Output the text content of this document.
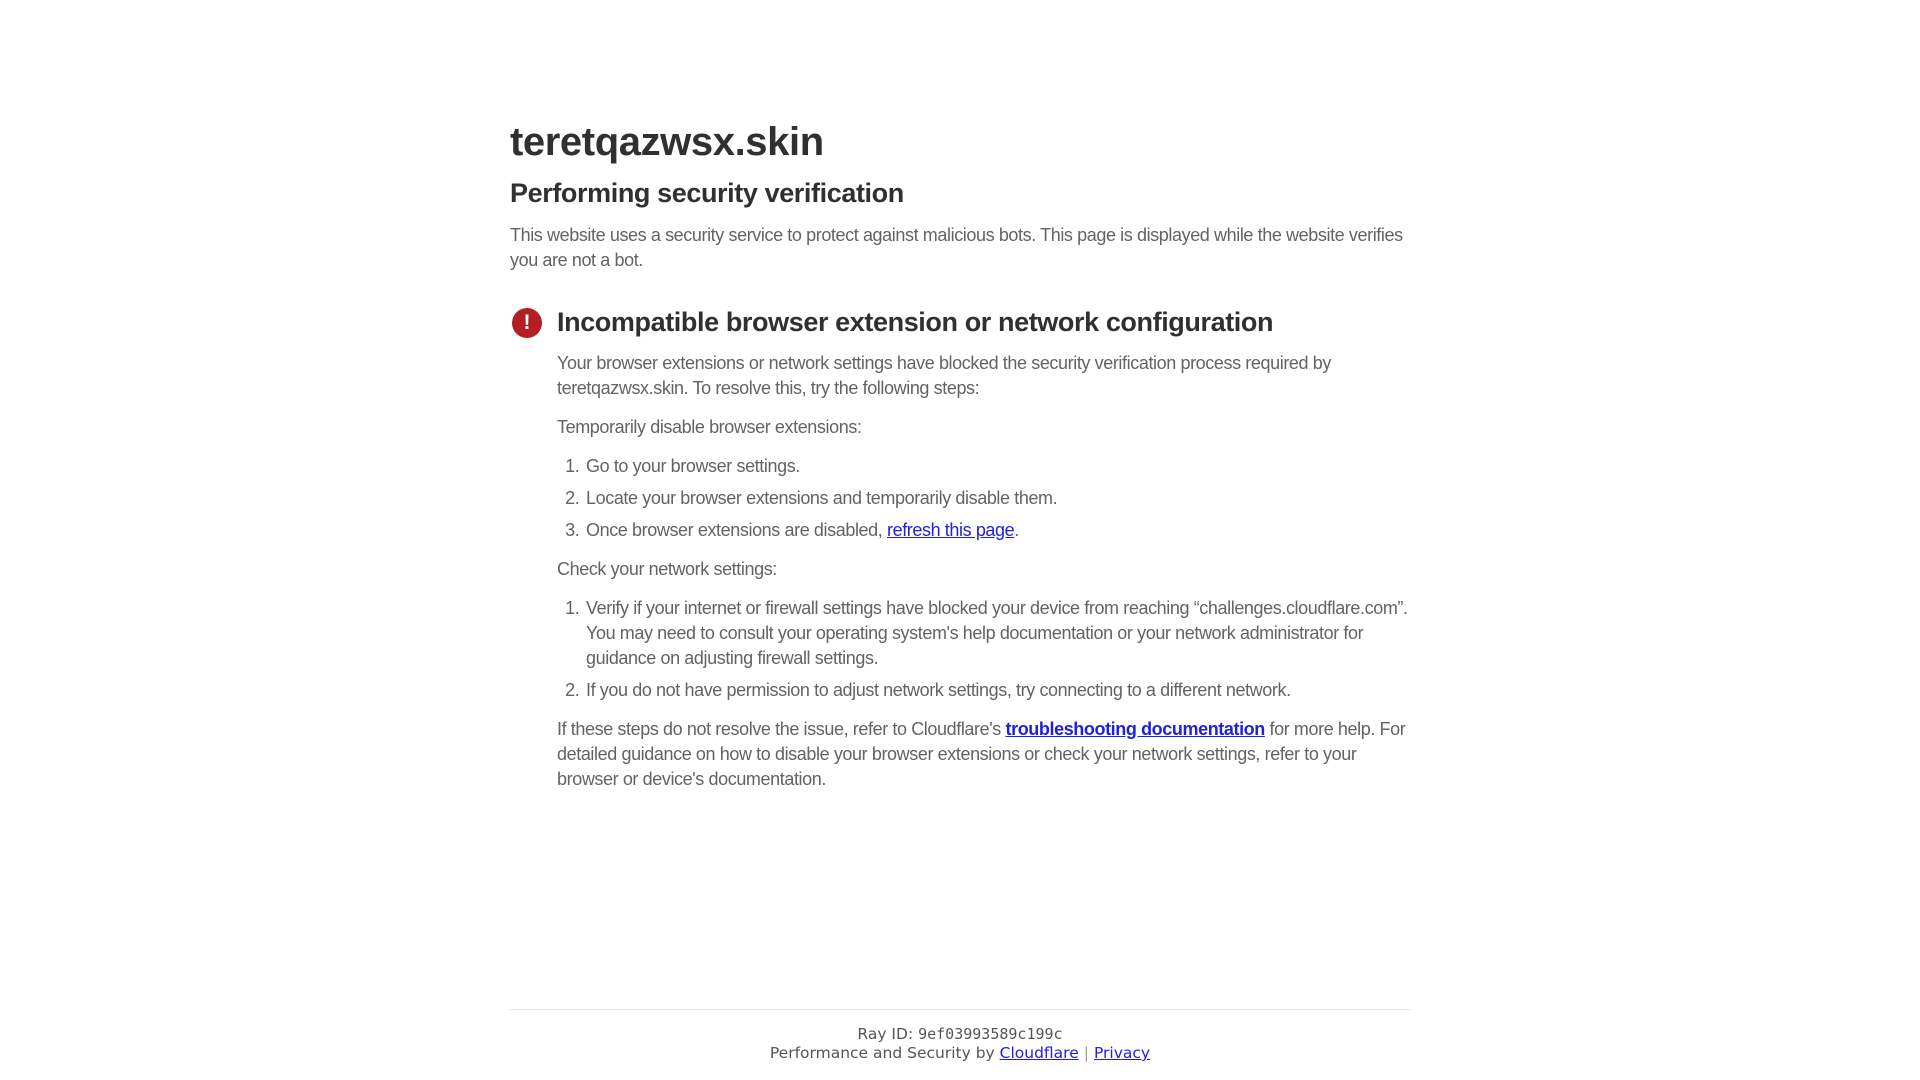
teretqazwsx.skin
Performing security verification

This website uses a security service to protect against malicious bots. This page is displayed while the website verifies you are not a bot.

! Incompatible browser extension or network configuration

Your browser extensions or network settings have blocked the security verification process required by teretqazwsx.skin. To resolve this, try the following steps:

Temporarily disable browser extensions:

1. Go to your browser settings.
2. Locate your browser extensions and temporarily disable them.
3. Once browser extensions are disabled, refresh this page.

Check your network settings:

1. Verify if your internet or firewall settings have blocked your device from reaching “challenges.cloudflare.com”. You may need to consult your operating system's help documentation or your network administrator for guidance on adjusting firewall settings.
2. If you do not have permission to adjust network settings, try connecting to a different network.

If these steps do not resolve the issue, refer to Cloudflare's troubleshooting documentation for more help. For detailed guidance on how to disable your browser extensions or check your network settings, refer to your browser or device's documentation.

Ray ID: 9ef03993589c199c
Performance and Security by Cloudflare | Privacy
